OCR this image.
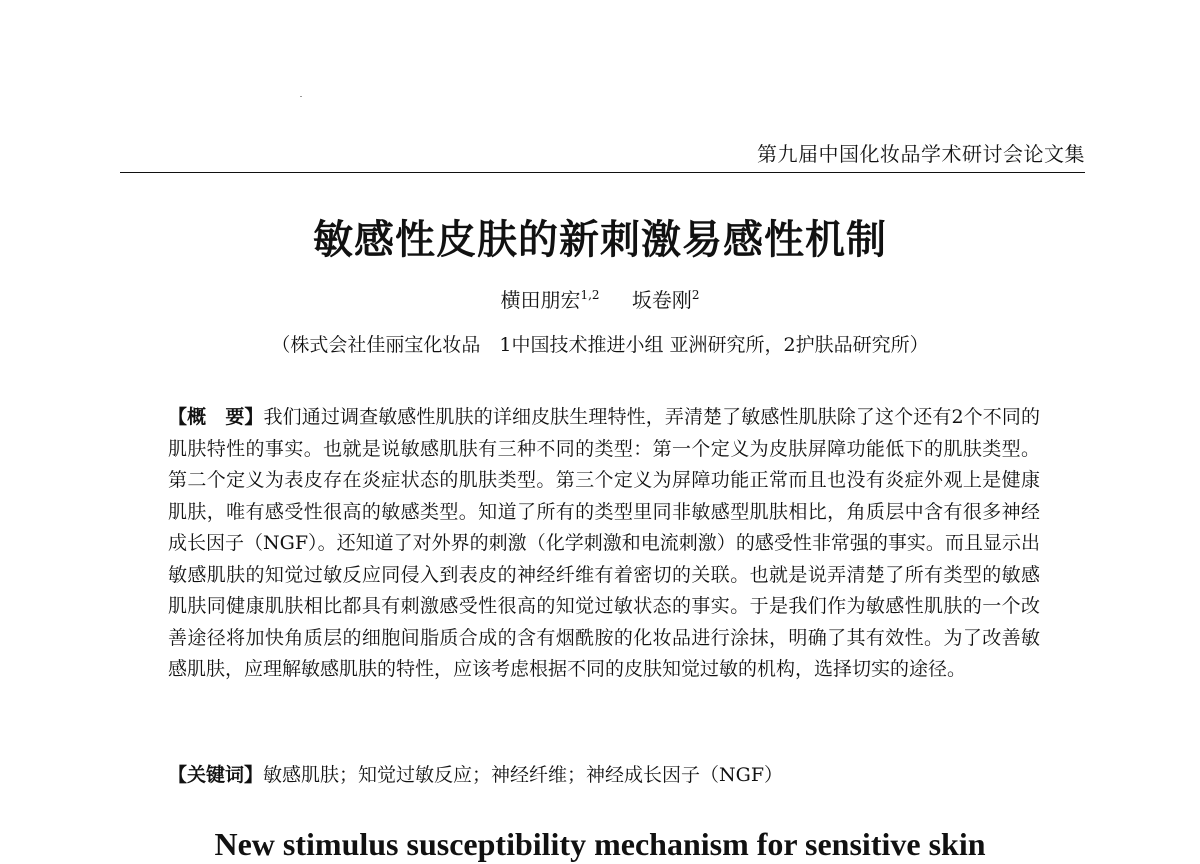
第九届中国化妆品学术研讨会论文集
敏感性皮肤的新刺激易感性机制
横田朋宏$^{1,2}$ 坂卷刚$^2$
（株式会社佳丽宝化妆品　1中国技术推进小组 亚洲研究所，2护肤品研究所）
【概　要】我们通过调查敏感性肌肤的详细皮肤生理特性，弄清楚了敏感性肌肤除了这个还有2个不同的肌肤特性的事实。也就是说敏感肌肤有三种不同的类型：第一个定义为皮肤屏障功能低下的肌肤类型。第二个定义为表皮存在炎症状态的肌肤类型。第三个定义为屏障功能正常而且也没有炎症外观上是健康肌肤，唯有感受性很高的敏感类型。知道了所有的类型里同非敏感型肌肤相比，角质层中含有很多神经成长因子（NGF）。还知道了对外界的刺激（化学刺激和电流刺激）的感受性非常强的事实。而且显示出敏感肌肤的知觉过敏反应同侵入到表皮的神经纤维有着密切的关联。也就是说弄清楚了所有类型的敏感肌肤同健康肌肤相比都具有刺激感受性很高的知觉过敏状态的事实。于是我们作为敏感性肌肤的一个改善途径将加快角质层的细胞间脂质合成的含有烟酰胺的化妆品进行涂抹，明确了其有效性。为了改善敏感肌肤，应理解敏感肌肤的特性，应该考虑根据不同的皮肤知觉过敏的机构，选择切实的途径。
【关键词】敏感肌肤；知觉过敏反应；神经纤维；神经成长因子（NGF）
New stimulus susceptibility mechanism for sensitive skin
